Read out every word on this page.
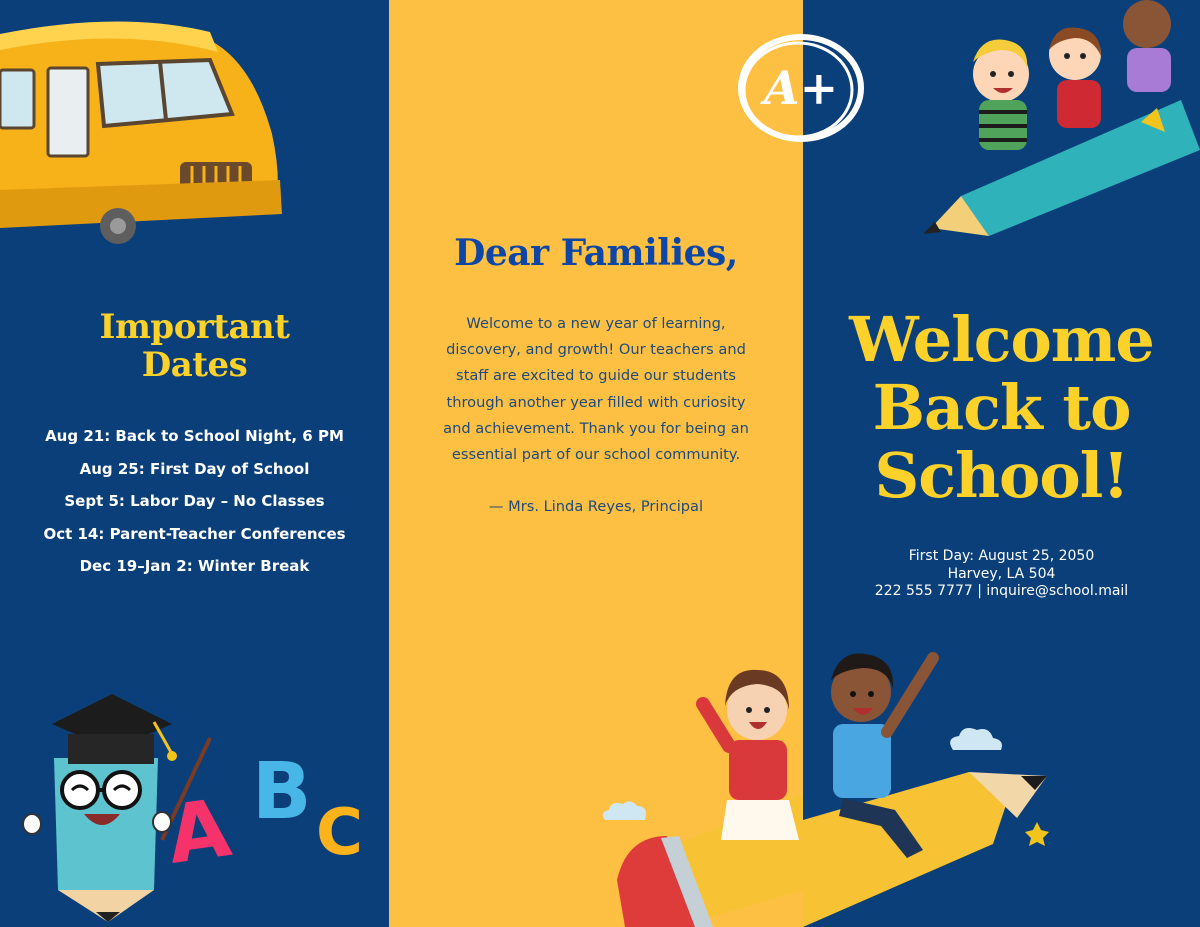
Important
Dates
Aug 21: Back to School Night, 6 PM
Aug 25: First Day of School
Sept 5: Labor Day – No Classes
Oct 14: Parent-Teacher Conferences
Dec 19–Jan 2: Winter Break
A B C
Dear Families,

Welcome to a new year of learning, discovery, and growth! Our teachers and staff are excited to guide our students through another year filled with curiosity and achievement. Thank you for being an essential part of our school community.

— Mrs. Linda Reyes, Principal
A+
Welcome
Back to
School!
First Day: August 25, 2050
Harvey, LA 504
222 555 7777 | inquire@school.mail
